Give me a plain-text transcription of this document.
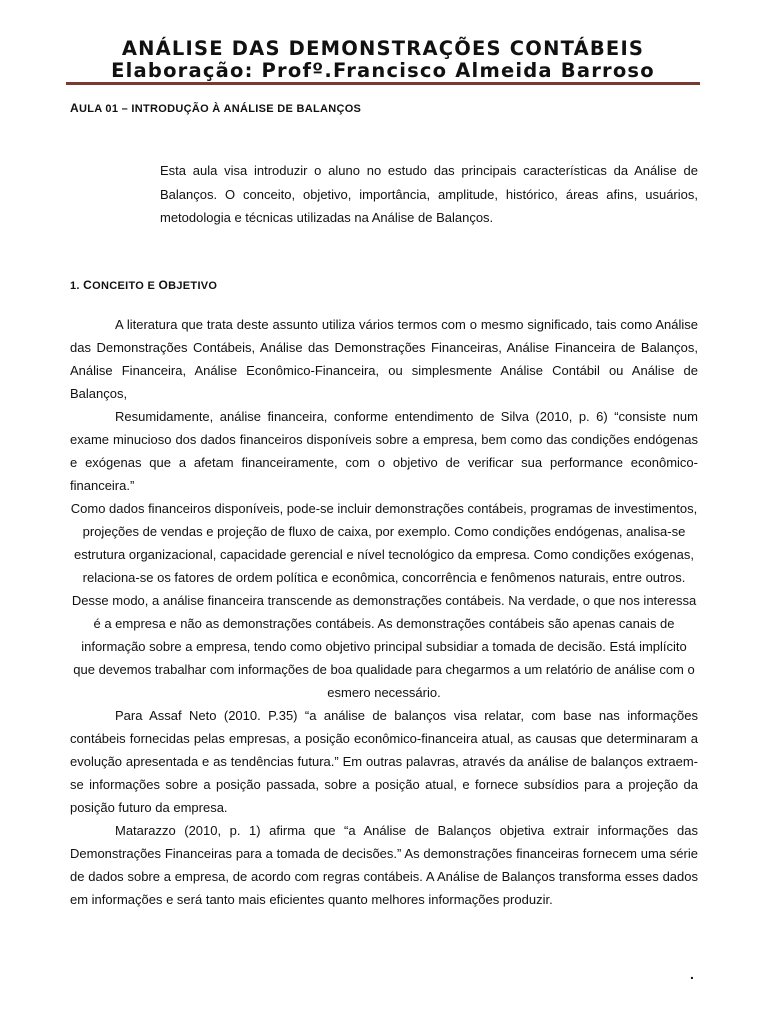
ANÁLISE DAS DEMONSTRAÇÕES CONTÁBEIS
Elaboração: Profº.Francisco Almeida Barroso
AULA 01 – INTRODUÇÃO À ANÁLISE DE BALANÇOS

Esta aula visa introduzir o aluno no estudo das principais características da Análise de Balanços. O conceito, objetivo, importância, amplitude, histórico, áreas afins, usuários, metodologia e técnicas utilizadas na Análise de Balanços.

1. CONCEITO E OBJETIVO

A literatura que trata deste assunto utiliza vários termos com o mesmo significado, tais como Análise das Demonstrações Contábeis, Análise das Demonstrações Financeiras, Análise Financeira de Balanços, Análise Financeira, Análise Econômico-Financeira, ou simplesmente Análise Contábil ou Análise de Balanços,

Resumidamente, análise financeira, conforme entendimento de Silva (2010, p. 6) “consiste num exame minucioso dos dados financeiros disponíveis sobre a empresa, bem como das condições endógenas e exógenas que a afetam financeiramente, com o objetivo de verificar sua performance econômico-financeira.”

Como dados financeiros disponíveis, pode-se incluir demonstrações contábeis, programas de investimentos, projeções de vendas e projeção de fluxo de caixa, por exemplo. Como condições endógenas, analisa-se estrutura organizacional, capacidade gerencial e nível tecnológico da empresa. Como condições exógenas, relaciona-se os fatores de ordem política e econômica, concorrência e fenômenos naturais, entre outros. Desse modo, a análise financeira transcende as demonstrações contábeis. Na verdade, o que nos interessa é a empresa e não as demonstrações contábeis. As demonstrações contábeis são apenas canais de informação sobre a empresa, tendo como objetivo principal subsidiar a tomada de decisão. Está implícito que devemos trabalhar com informações de boa qualidade para chegarmos a um relatório de análise com o esmero necessário.

Para Assaf Neto (2010. P.35) “a análise de balanços visa relatar, com base nas informações contábeis fornecidas pelas empresas, a posição econômico-financeira atual, as causas que determinaram a evolução apresentada e as tendências futura.” Em outras palavras, através da análise de balanços extraem-se informações sobre a posição passada, sobre a posição atual, e fornece subsídios para a projeção da posição futuro da empresa.

Matarazzo (2010, p. 1) afirma que “a Análise de Balanços objetiva extrair informações das Demonstrações Financeiras para a tomada de decisões.” As demonstrações financeiras fornecem uma série de dados sobre a empresa, de acordo com regras contábeis. A Análise de Balanços transforma esses dados em informações e será tanto mais eficientes quanto melhores informações produzir.

.
